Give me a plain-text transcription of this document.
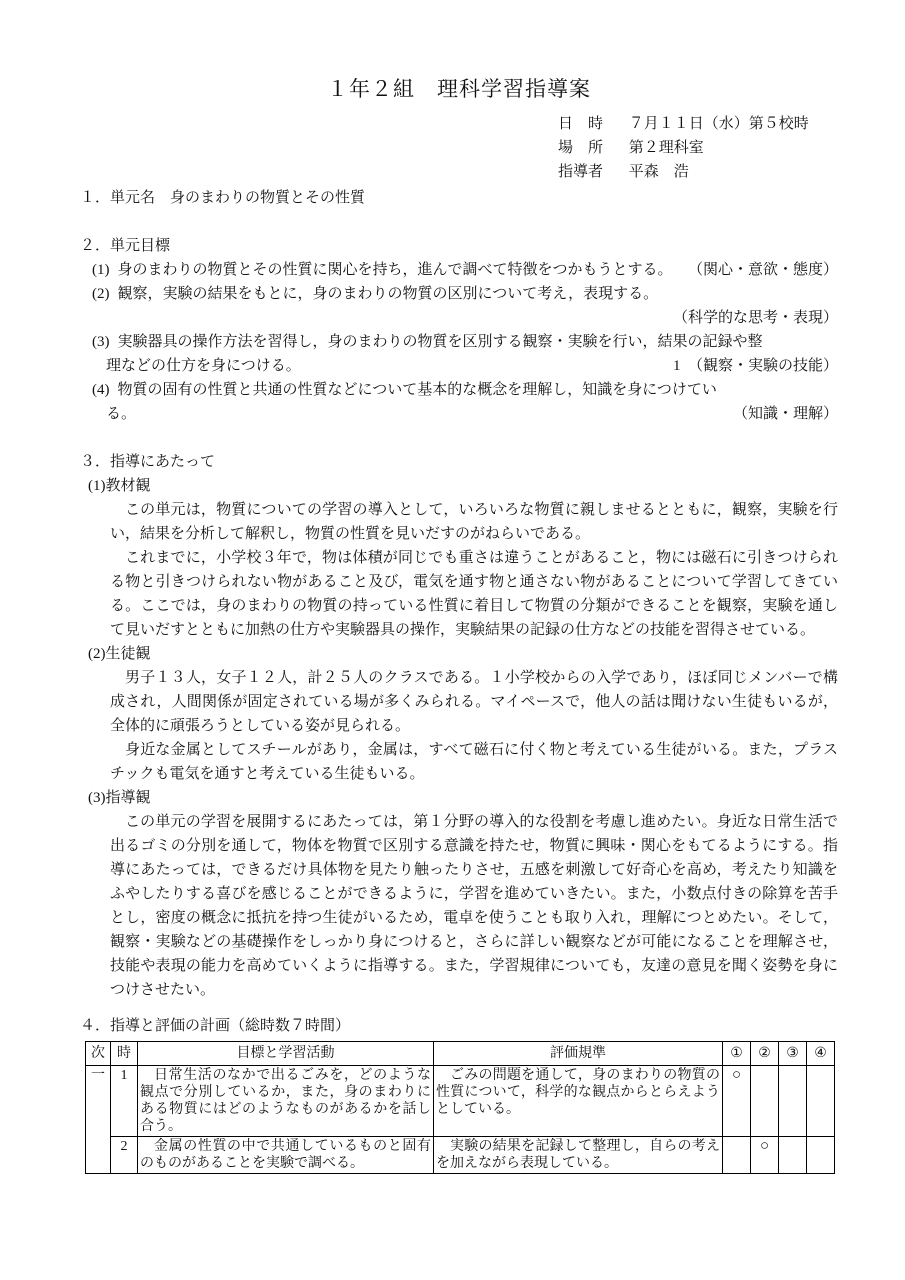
１年２組　理科学習指導案
日　時 ７月１１日（水）第５校時
場　所 第２理科室
指導者 平森　浩
１．単元名　身のまわりの物質とその性質
２．単元目標
(1) 身のまわりの物質とその性質に関心を持ち，進んで調べて特徴をつかもうとする。 （関心・意欲・態度）
(2) 観察，実験の結果をもとに，身のまわりの物質の区別について考え，表現する。
（科学的な思考・表現）
(3) 実験器具の操作方法を習得し，身のまわりの物質を区別する観察・実験を行い，結果の記録や整
理などの仕方を身につける。	1　（観察・実験の技能）
(4) 物質の固有の性質と共通の性質などについて基本的な概念を理解し，知識を身につけてい
る。	（知識・理解）
３．指導にあたって
(1)教材観

この単元は，物質についての学習の導入として，いろいろな物質に親しませるとともに，観察，実験を行い，結果を分析して解釈し，物質の性質を見いだすのがねらいである。

これまでに，小学校３年で，物は体積が同じでも重さは違うことがあること，物には磁石に引きつけられる物と引きつけられない物があること及び，電気を通す物と通さない物があることについて学習してきている。ここでは，身のまわりの物質の持っている性質に着目して物質の分類ができることを観察，実験を通して見いだすとともに加熱の仕方や実験器具の操作，実験結果の記録の仕方などの技能を習得させている。

(2)生徒観

男子１３人，女子１２人，計２５人のクラスである。１小学校からの入学であり，ほぼ同じメンバーで構成され，人間関係が固定されている場が多くみられる。マイペースで，他人の話は聞けない生徒もいるが，全体的に頑張ろうとしている姿が見られる。

身近な金属としてスチールがあり，金属は，すべて磁石に付く物と考えている生徒がいる。また，プラスチックも電気を通すと考えている生徒もいる。

(3)指導観

この単元の学習を展開するにあたっては，第１分野の導入的な役割を考慮し進めたい。身近な日常生活で出るゴミの分別を通して，物体を物質で区別する意識を持たせ，物質に興味・関心をもてるようにする。指導にあたっては，できるだけ具体物を見たり触ったりさせ，五感を刺激して好奇心を高め，考えたり知識をふやしたりする喜びを感じることができるように，学習を進めていきたい。また，小数点付きの除算を苦手とし，密度の概念に抵抗を持つ生徒がいるため，電卓を使うことも取り入れ，理解につとめたい。そして，観察・実験などの基礎操作をしっかり身につけると，さらに詳しい観察などが可能になることを理解させ，技能や表現の能力を高めていくように指導する。また，学習規律についても，友達の意見を聞く姿勢を身につけさせたい。

４．指導と評価の計画（総時数７時間）
次	時	目標と学習活動	評価規準	①	②	③	④
一	1	日常生活のなかで出るごみを，どのような観点で分別しているか，また，身のまわりにある物質にはどのようなものがあるかを話し合う。	ごみの問題を通して，身のまわりの物質の性質について，科学的な観点からとらえようとしている。	○			
	2	金属の性質の中で共通しているものと固有のものがあることを実験で調べる。	実験の結果を記録して整理し，自らの考えを加えながら表現している。		○		
